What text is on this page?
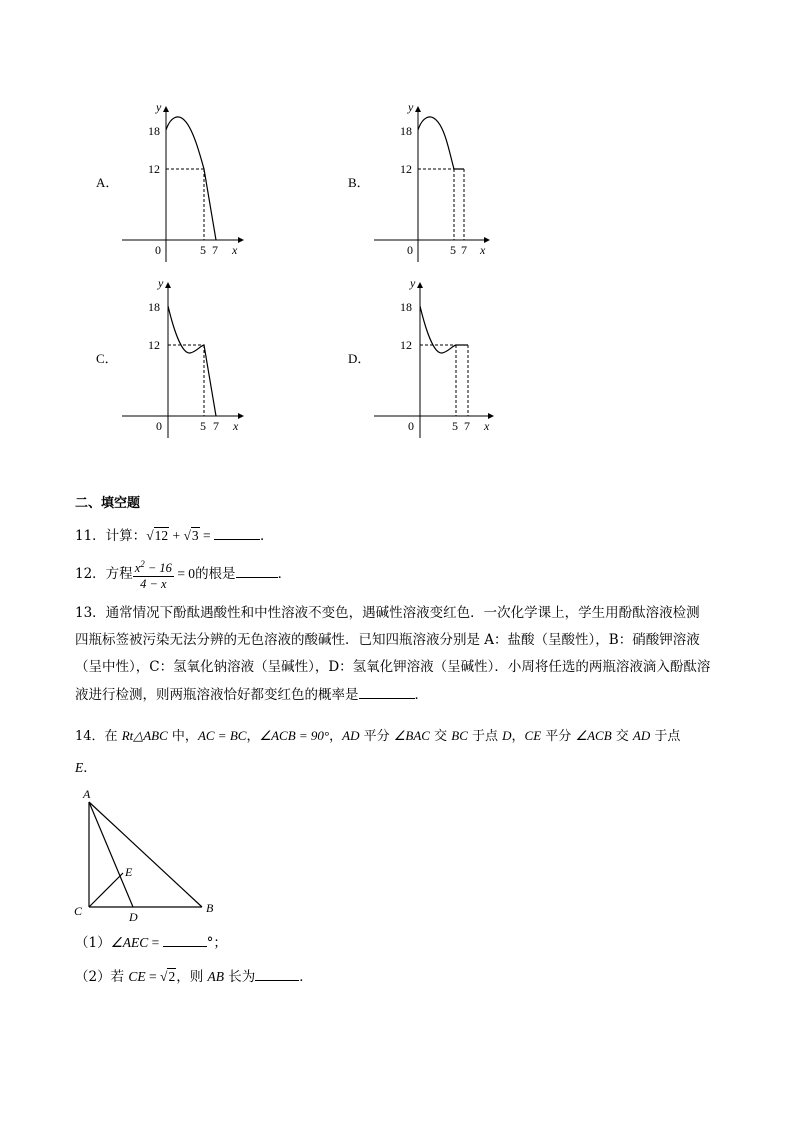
A．
y
18
12
0	5 7 x
B．
y
18
12
0	5 7 x
C．
y
18
12
0	5 7 x
D．
y
18
12
0	5 7 x
二、填空题
11．计算：√12 + √3 =	．
12．方程 $\frac{x^2 - 16}{4 - x} = 0$的根是	．
13．通常情况下酚酞遇酸性和中性溶液不变色，遇碱性溶液变红色．一次化学课上，学生用酚酞溶液检测
四瓶标签被污染无法分辨的无色溶液的酸碱性．已知四瓶溶液分别是 A：盐酸（呈酸性），B：硝酸钾溶液
（呈中性），C：氢氧化钠溶液（呈碱性），D：氢氧化钾溶液（呈碱性）．小周将任选的两瓶溶液滴入酚酞溶
液进行检测，则两瓶溶液恰好都变红色的概率是	．
14．在 Rt△ABC 中，AC = BC，∠ACB = 90°，AD 平分 ∠BAC 交 BC 于点 D，CE 平分 ∠ACB 交 AD 于点
E．
A
C	B
D
E
（1）∠AEC =	°；
（2）若 CE = √2，则 AB 长为	．
